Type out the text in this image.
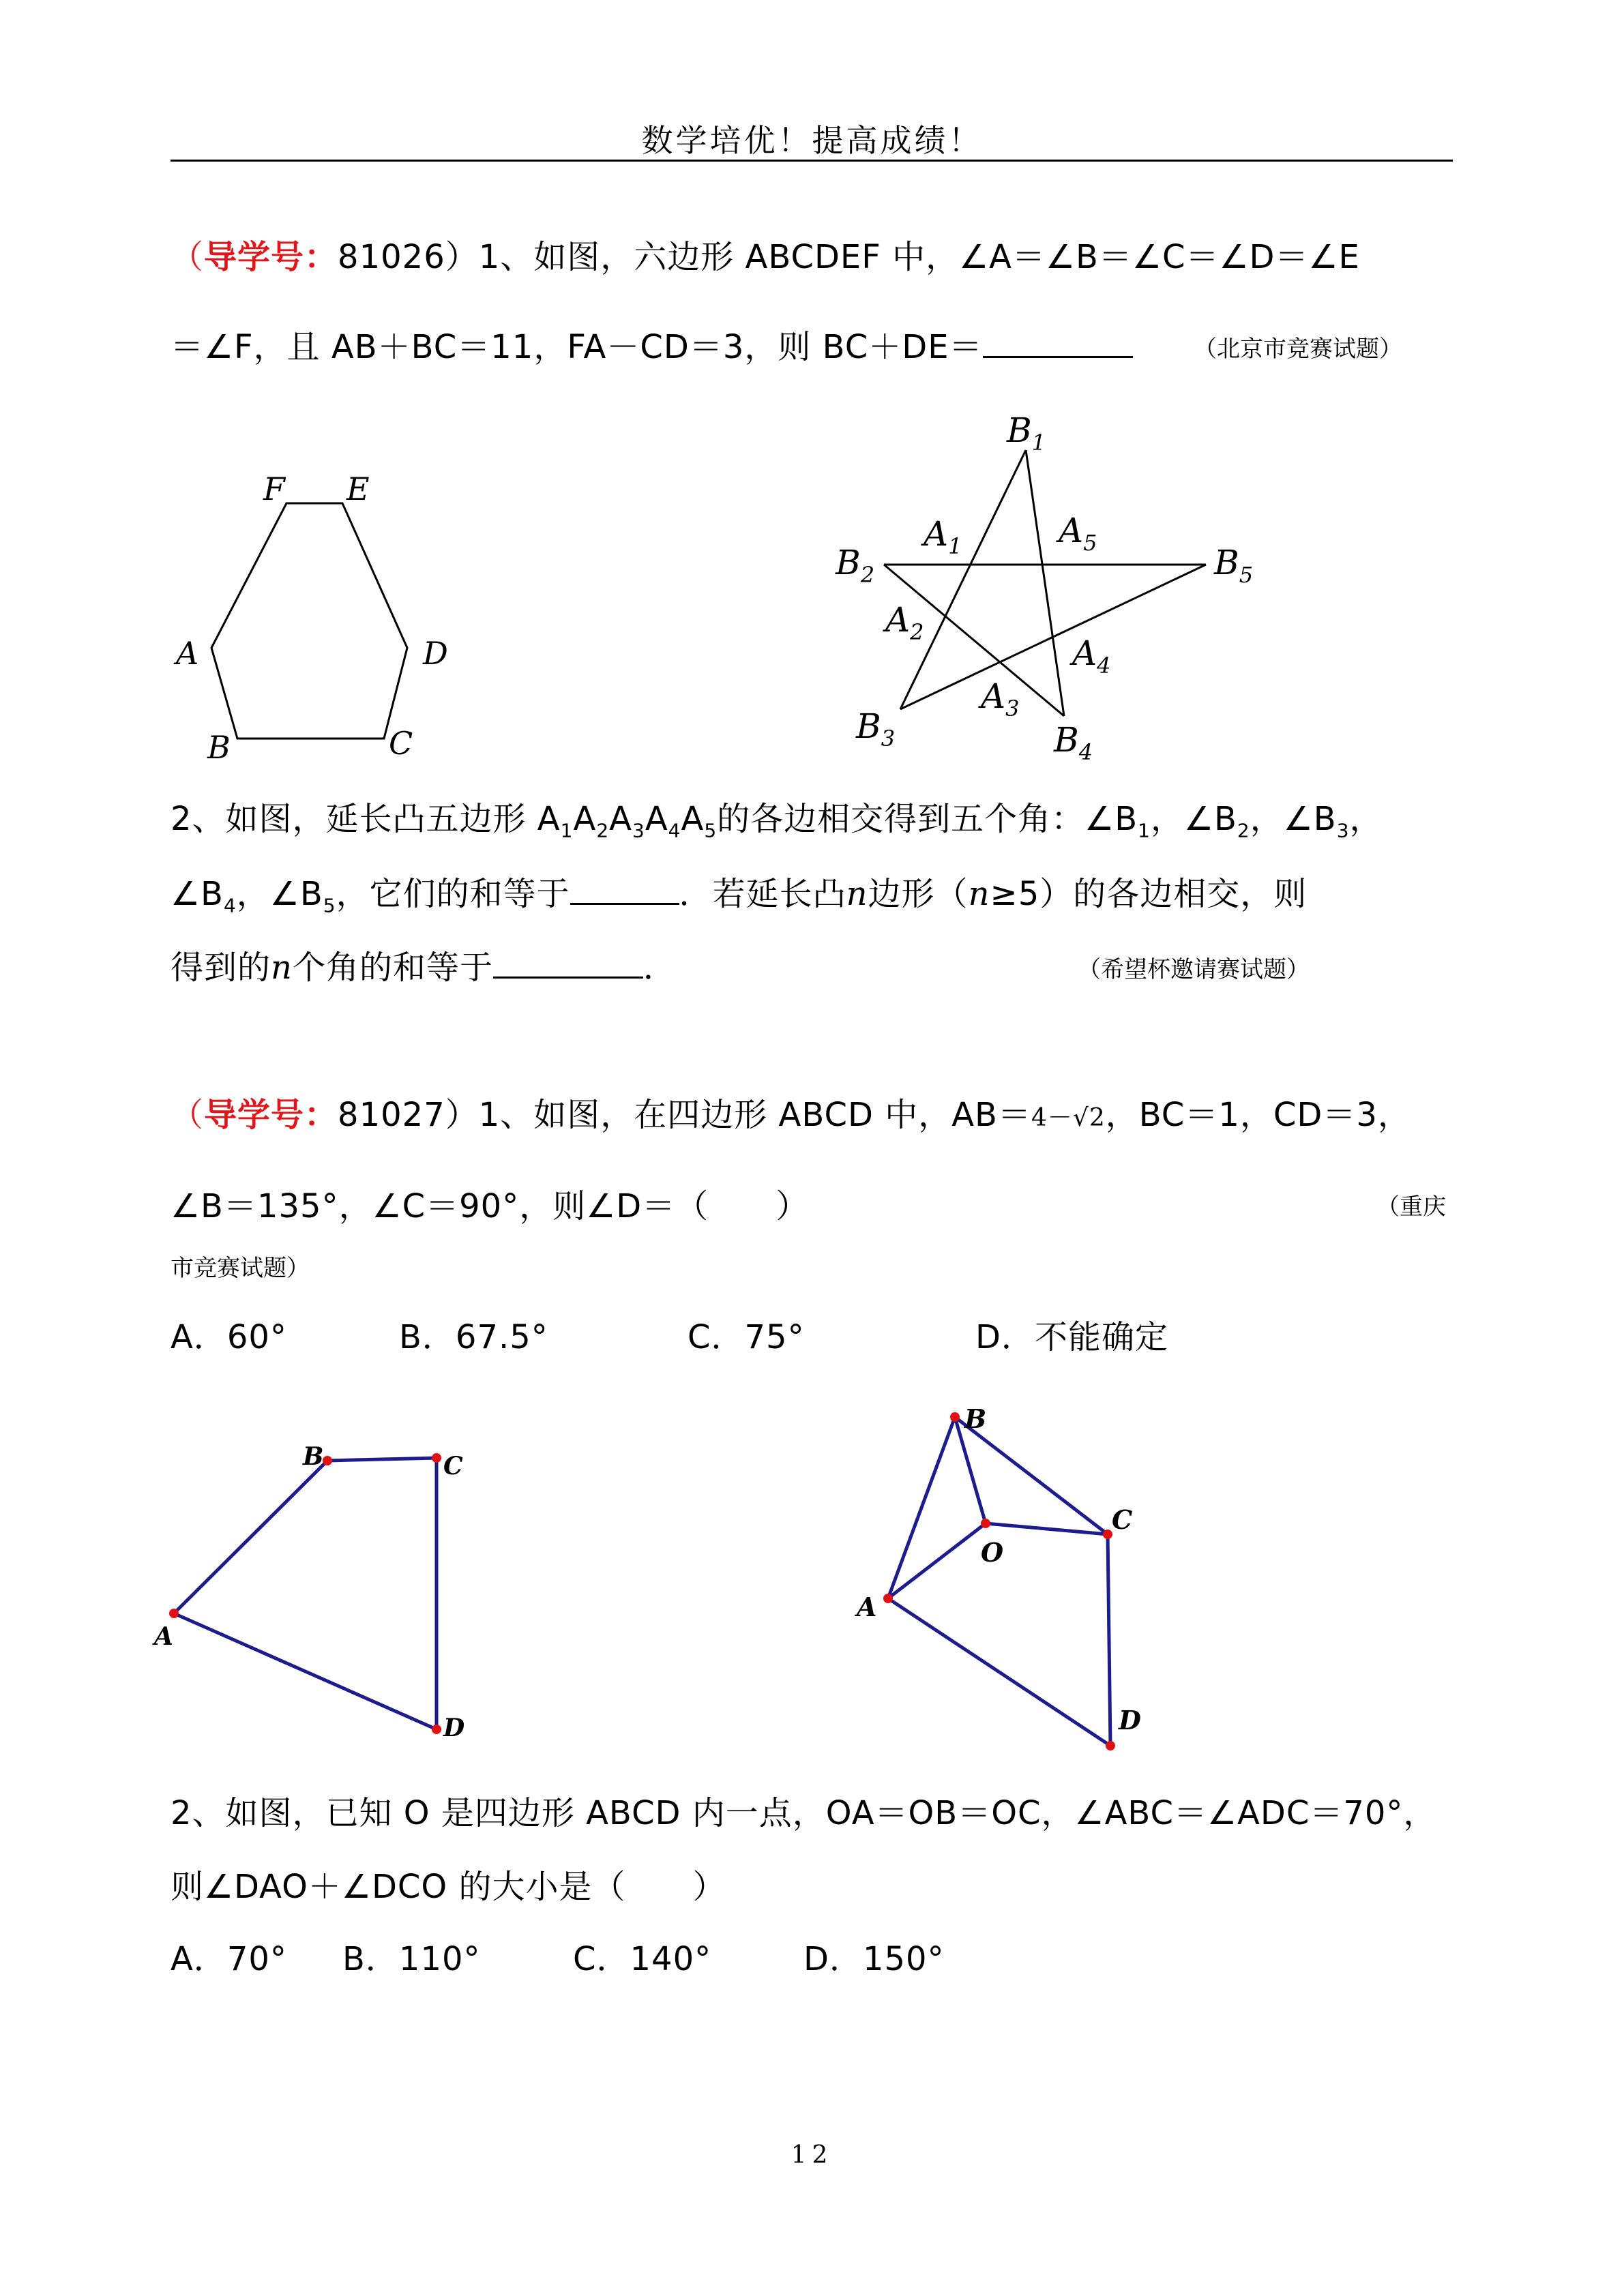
数学培优！提高成绩！
（导学号：81026）1、如图，六边形 ABCDEF 中，∠A＝∠B＝∠C＝∠D＝∠E
＝∠F，且 AB＋BC＝11，FA－CD＝3，则 BC＋DE＝	（北京市竞赛试题）
F E
A	D
B	C
$B_1$
$B_2$
$B_3$	$B_4$
$B_5$
$A_1$
$A_2$
$A_3$
$A_4$
$A_5$
2、如图，延长凸五边形 $A_1A_2A_3A_4A_5$的各边相交得到五个角：$\angle B_1$，$\angle B_2$，$\angle B_3$，
$\angle B_4$，$\angle B_5$，它们的和等于	．若延长凸n边形（n≥5）的各边相交，则
得到的n个角的和等于	．	（希望杯邀请赛试题）
（导学号：81027）1、如图，在四边形 ABCD 中，AB＝4－√2，BC＝1，CD＝3，
∠B＝135°，∠C＝90°，则∠D＝（　　）	（重庆
市竞赛试题）
A．60°	B．67.5°	C．75°	D．不能确定
B	C
A
D
B
C
O
A
D
2、如图，已知 O 是四边形 ABCD 内一点，OA＝OB＝OC，∠ABC＝∠ADC＝70°，
则∠DAO＋∠DCO 的大小是（　　）
A．70° B．110°	C．140°	D．150°
12
